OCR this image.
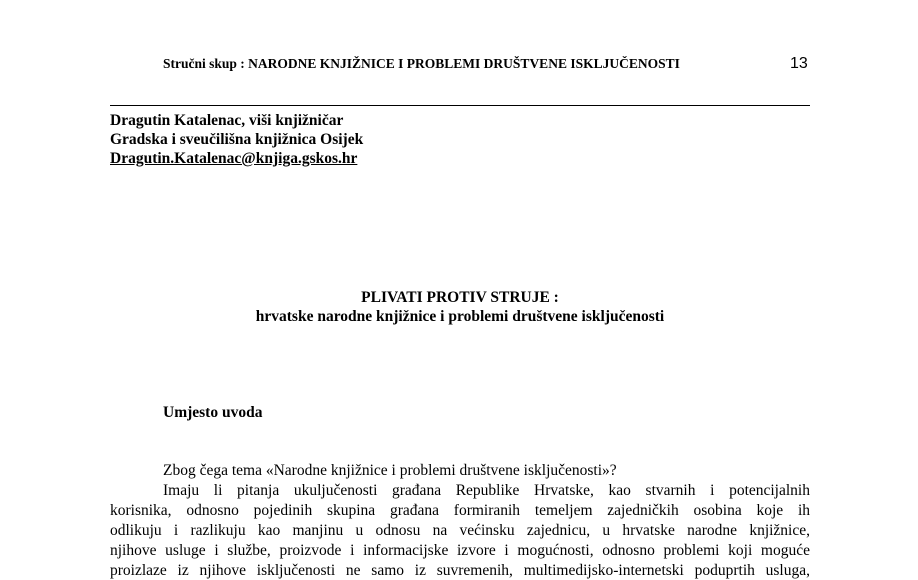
Stručni skup : NARODNE KNJIŽNICE I PROBLEMI DRUŠTVENE ISKLJUČENOSTI	13
Dragutin Katalenac, viši knjižničar
Gradska i sveučilišna knjižnica Osijek
Dragutin.Katalenac@knjiga.gskos.hr
PLIVATI PROTIV STRUJE :
hrvatske narodne knjižnice i problemi društvene isključenosti
Umjesto uvoda
Zbog čega tema «Narodne knjižnice i problemi društvene isključenosti»?
Imaju li pitanja ukuljučenosti građana Republike Hrvatske, kao stvarnih i potencijalnih
korisnika, odnosno pojedinih skupina građana formiranih temeljem zajedničkih osobina koje ih
odlikuju i razlikuju kao manjinu u odnosu na većinsku zajednicu, u hrvatske narodne knjižnice,
njihove usluge i službe, proizvode i informacijske izvore i mogućnosti, odnosno problemi koji moguće
proizlaze iz njihove isključenosti ne samo iz suvremenih, multimedijsko-internetski poduprtih usluga,
